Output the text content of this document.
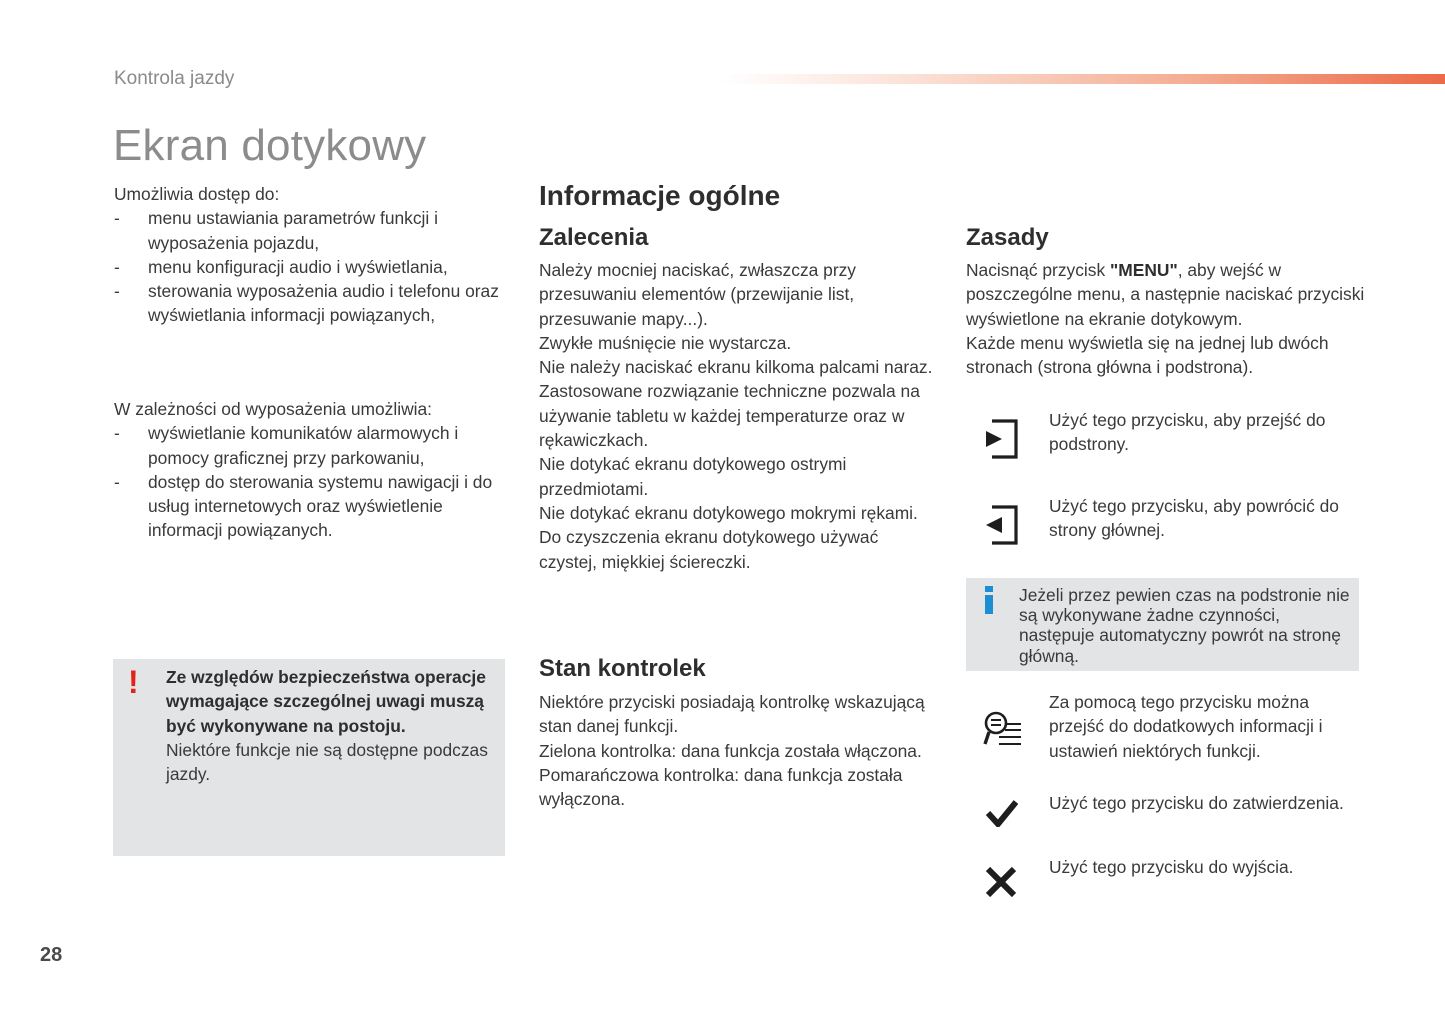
Kontrola jazdy
Ekran dotykowy
Umożliwia dostęp do:
- menu ustawiania parametrów funkcji i wyposażenia pojazdu,
- menu konfiguracji audio i wyświetlania,
- sterowania wyposażenia audio i telefonu oraz wyświetlania informacji powiązanych,
W zależności od wyposażenia umożliwia:
- wyświetlanie komunikatów alarmowych i pomocy graficznej przy parkowaniu,
- dostęp do sterowania systemu nawigacji i do usług internetowych oraz wyświetlenie informacji powiązanych.
! Ze względów bezpieczeństwa operacje wymagające szczególnej uwagi muszą być wykonywane na postoju.
Niektóre funkcje nie są dostępne podczas jazdy.
Informacje ogólne
Zalecenia
Należy mocniej naciskać, zwłaszcza przy przesuwaniu elementów (przewijanie list, przesuwanie mapy...).
Zwykłe muśnięcie nie wystarcza.
Nie należy naciskać ekranu kilkoma palcami naraz.
Zastosowane rozwiązanie techniczne pozwala na używanie tabletu w każdej temperaturze oraz w rękawiczkach.
Nie dotykać ekranu dotykowego ostrymi przedmiotami.
Nie dotykać ekranu dotykowego mokrymi rękami.
Do czyszczenia ekranu dotykowego używać czystej, miękkiej ściereczki.
Stan kontrolek
Niektóre przyciski posiadają kontrolkę wskazującą stan danej funkcji.
Zielona kontrolka: dana funkcja została włączona.
Pomarańczowa kontrolka: dana funkcja została wyłączona.
Zasady
Nacisnąć przycisk "MENU", aby wejść w poszczególne menu, a następnie naciskać przyciski wyświetlone na ekranie dotykowym.
Każde menu wyświetla się na jednej lub dwóch stronach (strona główna i podstrona).
Użyć tego przycisku, aby przejść do podstrony.
Użyć tego przycisku, aby powrócić do strony głównej.
Jeżeli przez pewien czas na podstronie nie są wykonywane żadne czynności, następuje automatyczny powrót na stronę główną.
Za pomocą tego przycisku można przejść do dodatkowych informacji i ustawień niektórych funkcji.
Użyć tego przycisku do zatwierdzenia.
Użyć tego przycisku do wyjścia.
28
